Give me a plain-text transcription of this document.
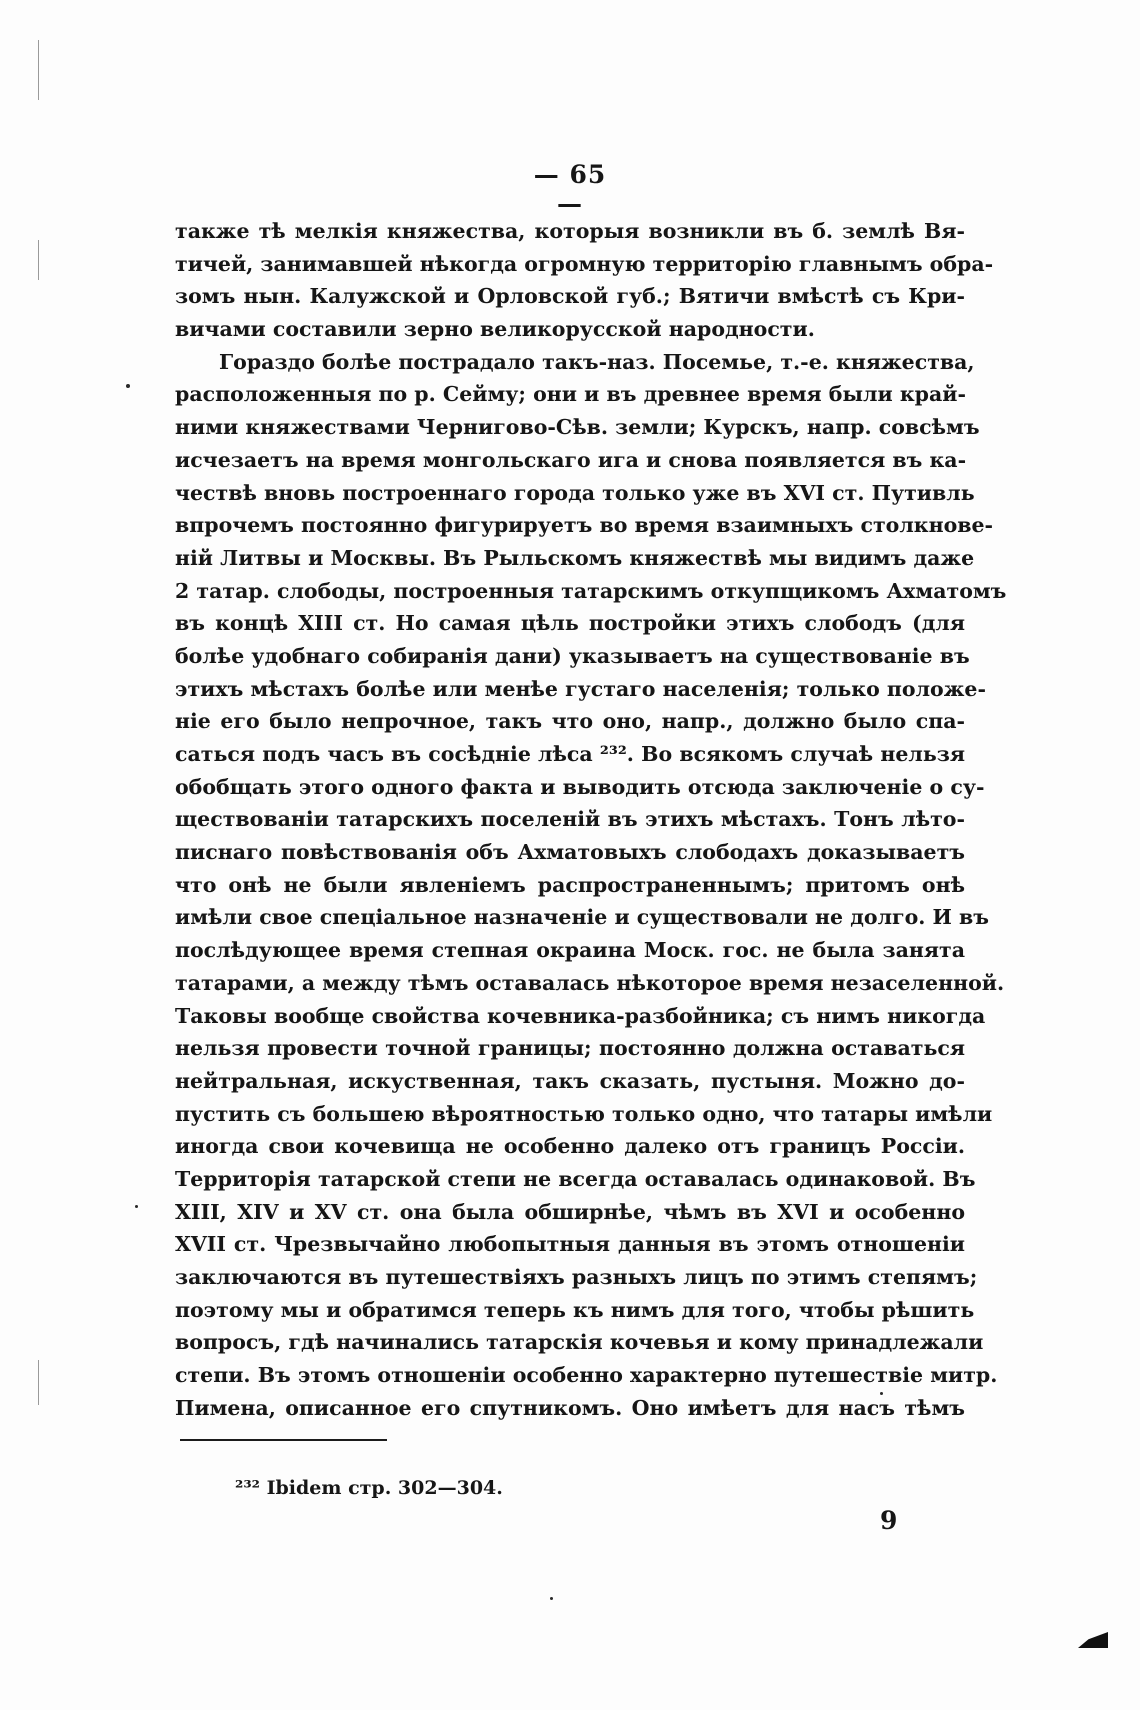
— 65 —
также тѣ мелкія княжества, которыя возникли въ б. землѣ Вя-
тичей, занимавшей нѣкогда огромную территорію главнымъ обра-
зомъ нын. Калужской и Орловской губ.; Вятичи вмѣстѣ съ Кри-
вичами составили зерно великорусской народности.
Гораздо болѣе пострадало такъ-наз. Посемье, т.-е. княжества,
расположенныя по р. Сейму; они и въ древнее время были край-
ними княжествами Чернигово-Сѣв. земли; Курскъ, напр. совсѣмъ
исчезаетъ на время монгольскаго ига и снова появляется въ ка-
чествѣ вновь построеннаго города только уже въ XVI ст. Путивль
впрочемъ постоянно фигурируетъ во время взаимныхъ столкнове-
ній Литвы и Москвы. Въ Рыльскомъ княжествѣ мы видимъ даже
2 татар. слободы, построенныя татарскимъ откупщикомъ Ахматомъ
въ концѣ XIII ст. Но самая цѣль постройки этихъ слободъ (для
болѣе удобнаго собиранія дани) указываетъ на существованіе въ
этихъ мѣстахъ болѣе или менѣе густаго населенія; только положе-
ніе его было непрочное, такъ что оно, напр., должно было спа-
саться подъ часъ въ сосѣдніе лѣса ²³². Во всякомъ случаѣ нельзя
обобщать этого одного факта и выводить отсюда заключеніе о су-
ществованіи татарскихъ поселеній въ этихъ мѣстахъ. Тонъ лѣто-
писнаго повѣствованія объ Ахматовыхъ слободахъ доказываетъ
что онѣ не были явленіемъ распространеннымъ; притомъ онѣ
имѣли свое спеціальное назначеніе и существовали не долго. И въ
послѣдующее время степная окраина Моск. гос. не была занята
татарами, а между тѣмъ оставалась нѣкоторое время незаселенной.
Таковы вообще свойства кочевника-разбойника; съ нимъ никогда
нельзя провести точной границы; постоянно должна оставаться
нейтральная, искуственная, такъ сказать, пустыня. Можно до-
пустить съ большею вѣроятностью только одно, что татары имѣли
иногда свои кочевища не особенно далеко отъ границъ Россіи.
Территорія татарской степи не всегда оставалась одинаковой. Въ
XIII, XIV и XV ст. она была обширнѣе, чѣмъ въ XVI и особенно
XVII ст. Чрезвычайно любопытныя данныя въ этомъ отношеніи
заключаются въ путешествіяхъ разныхъ лицъ по этимъ степямъ;
поэтому мы и обратимся теперь къ нимъ для того, чтобы рѣшить
вопросъ, гдѣ начинались татарскія кочевья и кому принадлежали
степи. Въ этомъ отношеніи особенно характерно путешествіе митр.
Пимена, описанное его спутникомъ. Оно имѣетъ для насъ тѣмъ
²³² Ibidem стр. 302—304.
9
